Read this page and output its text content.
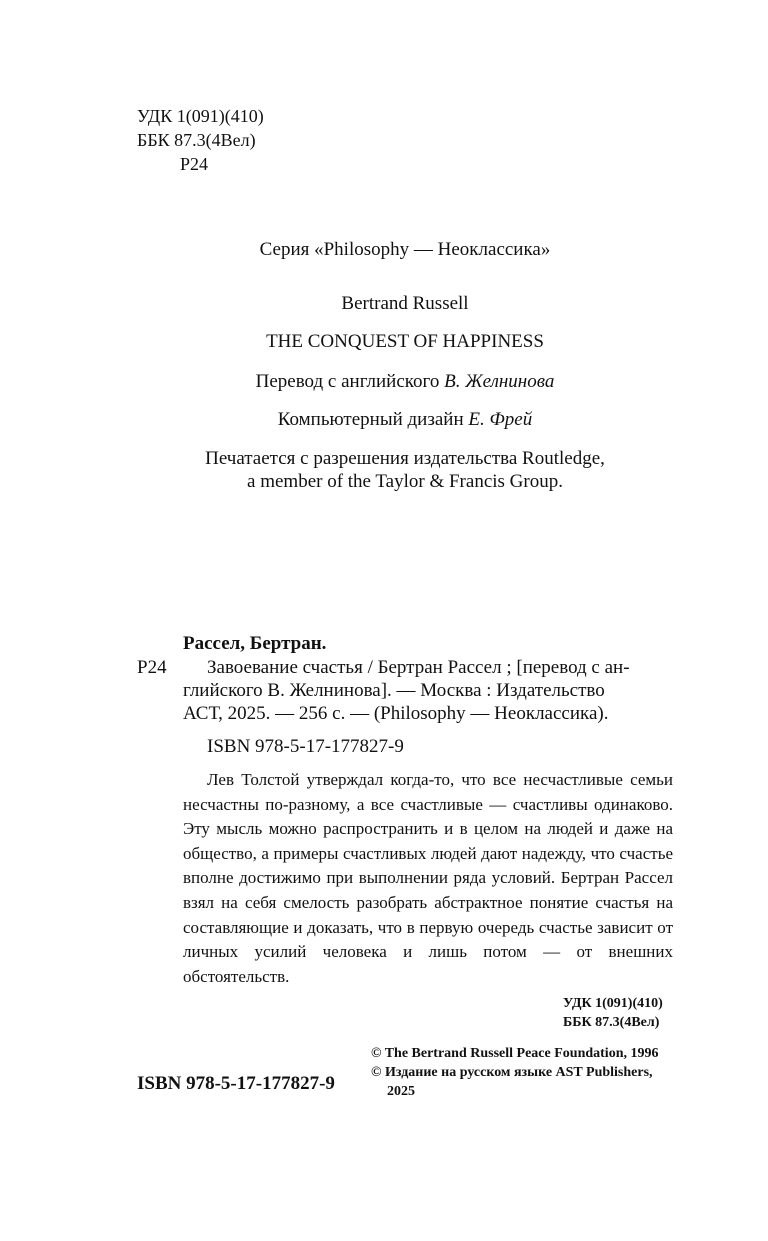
УДК 1(091)(410)
ББК 87.3(4Вел)
Р24
Серия «Philosophy — Неоклассика»
Bertrand Russell
THE CONQUEST OF HAPPINESS
Перевод с английского В. Желнинова
Компьютерный дизайн Е. Фрей
Печатается с разрешения издательства Routledge,
a member of the Taylor & Francis Group.
Рассел, Бертран.
Р24 Завоевание счастья / Бертран Рассел ; [перевод с ан-
глийского В. Желнинова]. — Москва : Издательство
АСТ, 2025. — 256 с. — (Philosophy — Неоклассика).
ISBN 978-5-17-177827-9

Лев Толстой утверждал когда-то, что все несчастливые семьи несчастны по-разному, а все счастливые — счастливы одинаково. Эту мысль можно распространить и в целом на людей и даже на общество, а примеры счастливых людей дают надежду, что счастье вполне достижимо при выполнении ряда условий. Бертран Рассел взял на себя смелость разобрать абстрактное понятие счастья на составляющие и доказать, что в первую очередь счастье зависит от личных усилий человека и лишь потом — от внешних обстоятельств.

УДК 1(091)(410)
ББК 87.3(4Вел)
ISBN 978-5-17-177827-9
© The Bertrand Russell Peace Foundation, 1996
© Издание на русском языке AST Publishers,
2025
